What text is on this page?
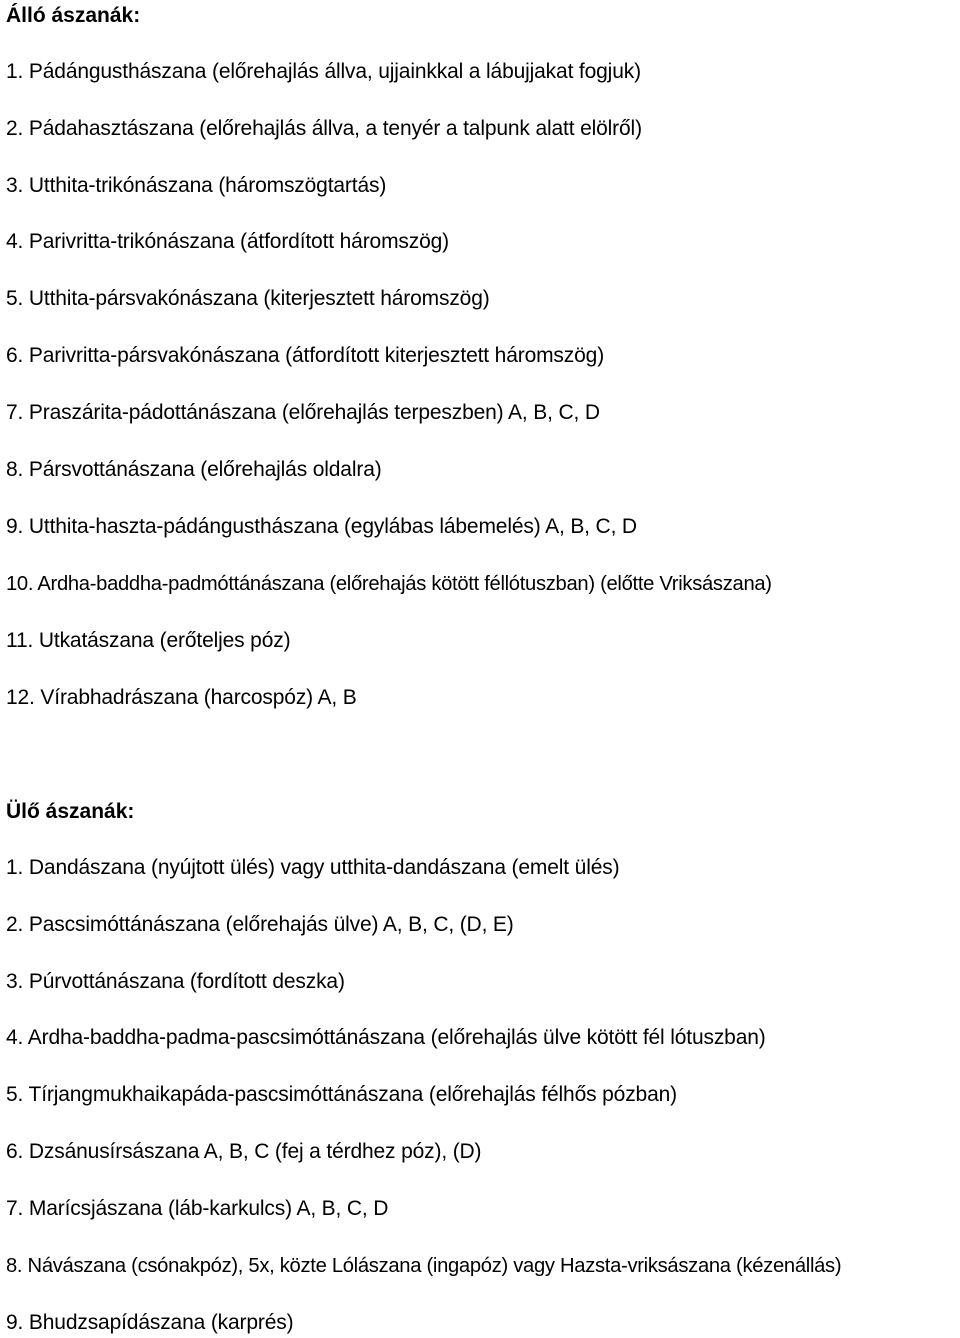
Álló ászanák:
1. Pádángusthászana (előrehajlás állva, ujjainkkal a lábujjakat fogjuk)
2. Pádahasztászana (előrehajlás állva, a tenyér a talpunk alatt elölről)
3. Utthita-trikónászana (háromszögtartás)
4. Parivritta-trikónászana (átfordított háromszög)
5. Utthita-pársvakónászana (kiterjesztett háromszög)
6. Parivritta-pársvakónászana (átfordított kiterjesztett háromszög)
7. Praszárita-pádottánászana (előrehajlás terpeszben) A, B, C, D
8. Pársvottánászana (előrehajlás oldalra)
9. Utthita-haszta-pádángusthászana (egylábas lábemelés) A, B, C, D
10. Ardha-baddha-padmóttánászana (előrehajás kötött féllótuszban) (előtte Vriksászana)
11. Utkatászana (erőteljes póz)
12. Vírabhadrászana (harcospóz) A, B
Ülő ászanák:
1. Dandászana (nyújtott ülés) vagy utthita-dandászana (emelt ülés)
2. Pascsimóttánászana (előrehajás ülve) A, B, C, (D, E)
3. Púrvottánászana (fordított deszka)
4. Ardha-baddha-padma-pascsimóttánászana (előrehajlás ülve kötött fél lótuszban)
5. Tírjangmukhaikapáda-pascsimóttánászana (előrehajlás félhős pózban)
6. Dzsánusírsászana A, B, C (fej a térdhez póz), (D)
7. Marícsjászana (láb-karkulcs) A, B, C, D
8. Návászana (csónakpóz), 5x, közte Lólászana (ingapóz) vagy Hazsta-vriksászana (kézenállás)
9. Bhudzsapídászana (karprés)
